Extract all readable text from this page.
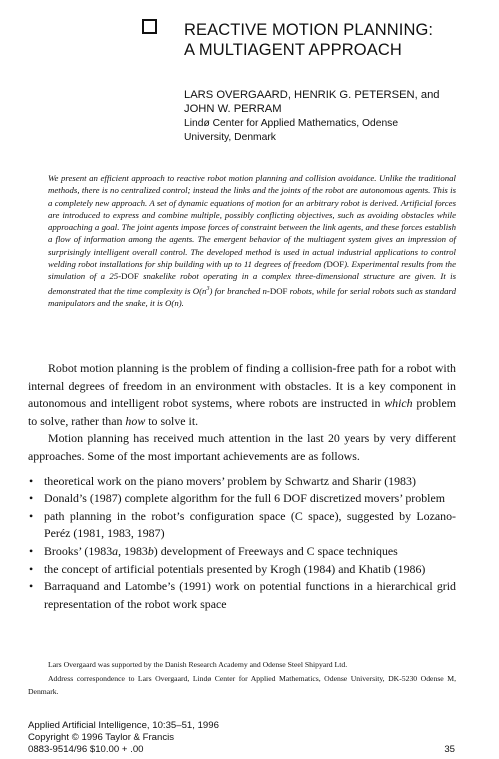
REACTIVE MOTION PLANNING:
A MULTIAGENT APPROACH
LARS OVERGAARD, HENRIK G. PETERSEN, and
JOHN W. PERRAM
Lindø Center for Applied Mathematics, Odense
University, Denmark

We present an efficient approach to reactive robot motion planning and collision avoidance. Unlike the traditional methods, there is no centralized control; instead the links and the joints of the robot are autonomous agents. This is a completely new approach. A set of dynamic equations of motion for an arbitrary robot is derived. Artificial forces are introduced to express and combine multiple, possibly conflicting objectives, such as avoiding obstacles while approaching a goal. The joint agents impose forces of constraint between the link agents, and these forces establish a flow of information among the agents. The emergent behavior of the multiagent system gives an impression of surprisingly intelligent overall control. The developed method is used in actual industrial applications to control welding robot installations for ship building with up to 11 degrees of freedom (DOF). Experimental results from the simulation of a 25-DOF snakelike robot operating in a complex three-dimensional structure are given. It is demonstrated that the time complexity is $O(n^3)$ for branched n-DOF robots, while for serial robots such as standard manipulators and the snake, it is O(n).

Robot motion planning is the problem of finding a collision-free path for a robot with internal degrees of freedom in an environment with obstacles. It is a key component in autonomous and intelligent robot systems, where robots are instructed in which problem to solve, rather than how to solve it.

Motion planning has received much attention in the last 20 years by very different approaches. Some of the most important achievements are as follows.

• theoretical work on the piano movers’ problem by Schwartz and Sharir (1983)
• Donald’s (1987) complete algorithm for the full 6 DOF discretized movers’ problem
• path planning in the robot’s configuration space (C space), suggested by Lozano-Peréz (1981, 1983, 1987)
• Brooks’ (1983a, 1983b) development of Freeways and C space techniques
• the concept of artificial potentials presented by Krogh (1984) and Khatib (1986)
• Barraquand and Latombe’s (1991) work on potential functions in a hierarchical grid representation of the robot work space

Lars Overgaard was supported by the Danish Research Academy and Odense Steel Shipyard Ltd.

Address correspondence to Lars Overgaard, Lindø Center for Applied Mathematics, Odense University, DK-5230 Odense M, Denmark.

Applied Artificial Intelligence, 10:35–51, 1996
Copyright © 1996 Taylor & Francis
0883-9514/96 $10.00 + .00	35
